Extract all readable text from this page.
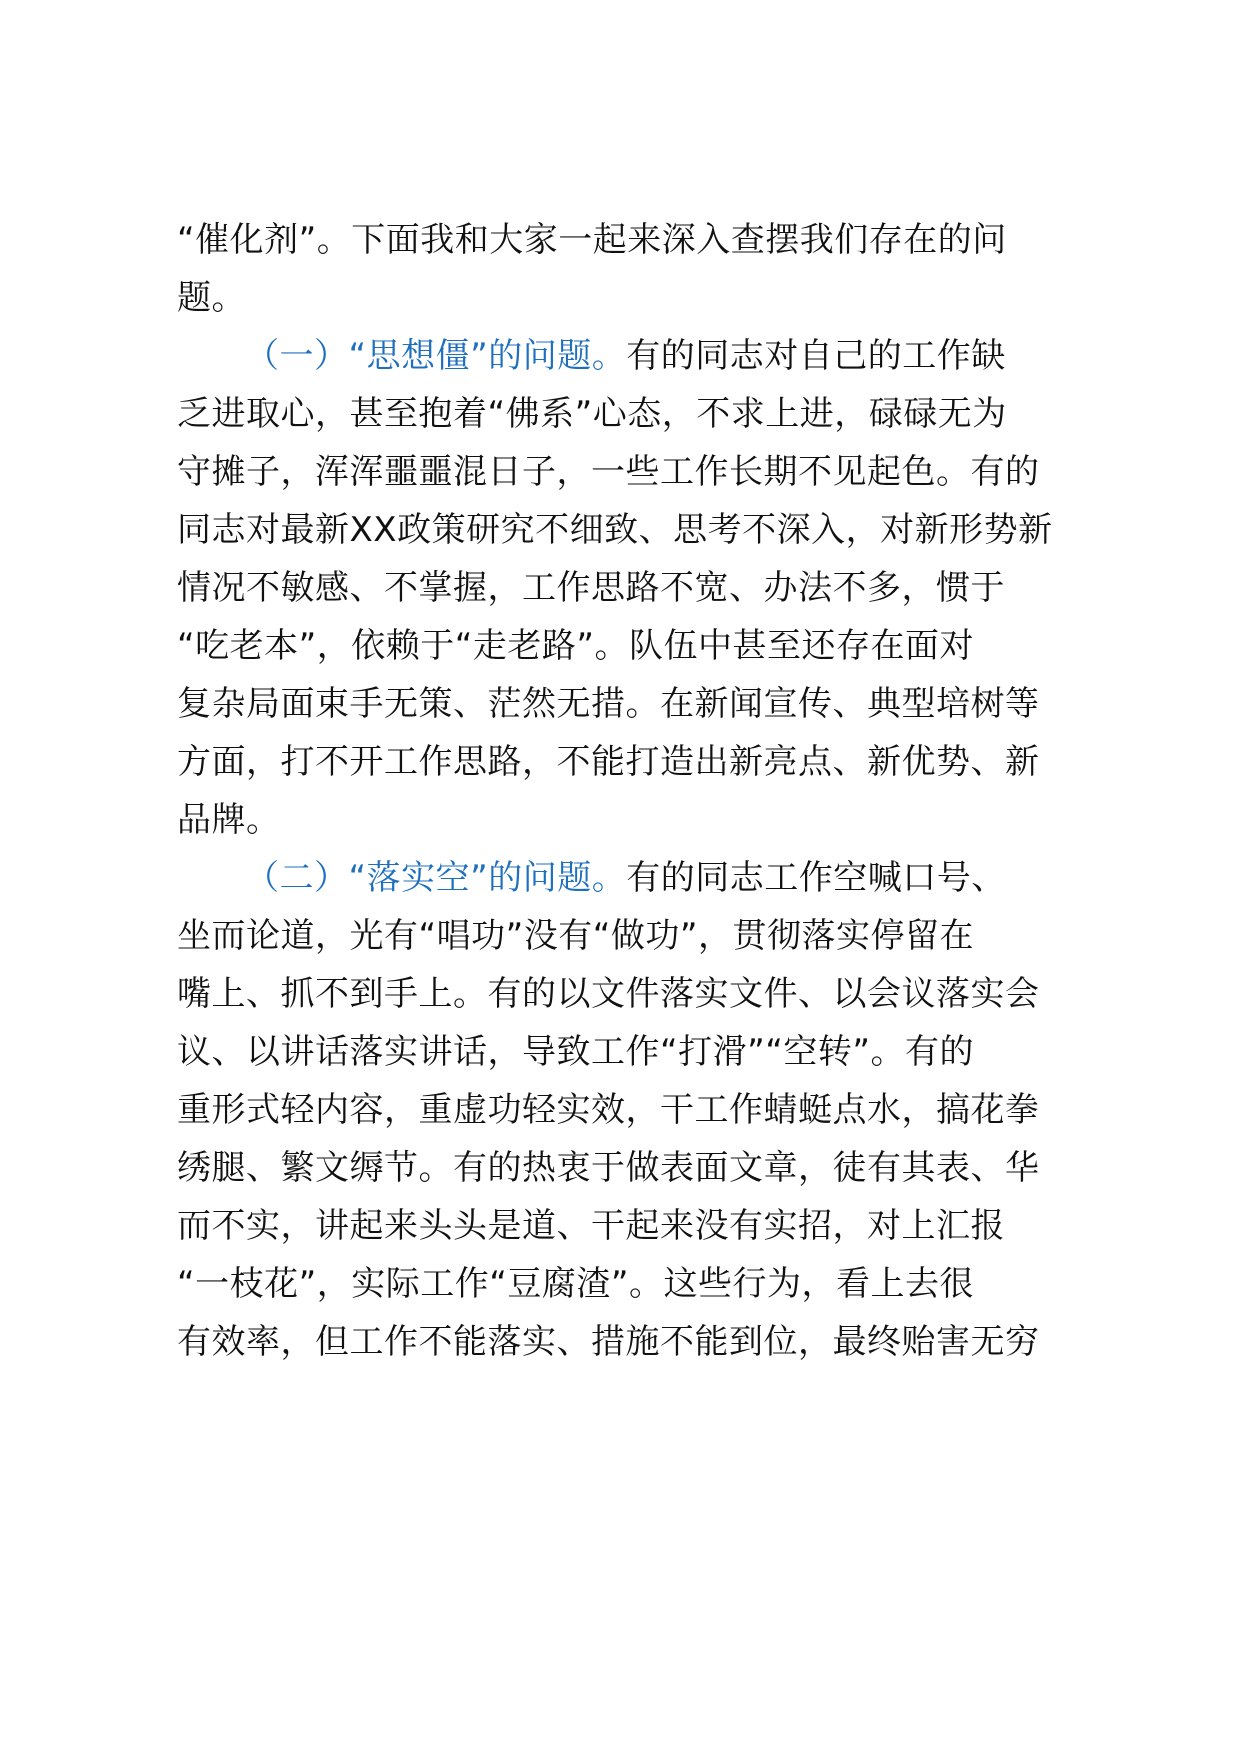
“催化剂”。下面我和大家一起来深入查摆我们存在的问
题。
（一）“思想僵”的问题。有的同志对自己的工作缺
乏进取心，甚至抱着“佛系”心态，不求上进，碌碌无为
守摊子，浑浑噩噩混日子，一些工作长期不见起色。有的
同志对最新XX政策研究不细致、思考不深入，对新形势新
情况不敏感、不掌握，工作思路不宽、办法不多，惯于
“吃老本”，依赖于“走老路”。队伍中甚至还存在面对
复杂局面束手无策、茫然无措。在新闻宣传、典型培树等
方面，打不开工作思路，不能打造出新亮点、新优势、新
品牌。
（二）“落实空”的问题。有的同志工作空喊口号、
坐而论道，光有“唱功”没有“做功”，贯彻落实停留在
嘴上、抓不到手上。有的以文件落实文件、以会议落实会
议、以讲话落实讲话，导致工作“打滑”“空转”。有的
重形式轻内容，重虚功轻实效，干工作蜻蜓点水，搞花拳
绣腿、繁文缛节。有的热衷于做表面文章，徒有其表、华
而不实，讲起来头头是道、干起来没有实招，对上汇报
“一枝花”，实际工作“豆腐渣”。这些行为，看上去很
有效率，但工作不能落实、措施不能到位，最终贻害无穷
